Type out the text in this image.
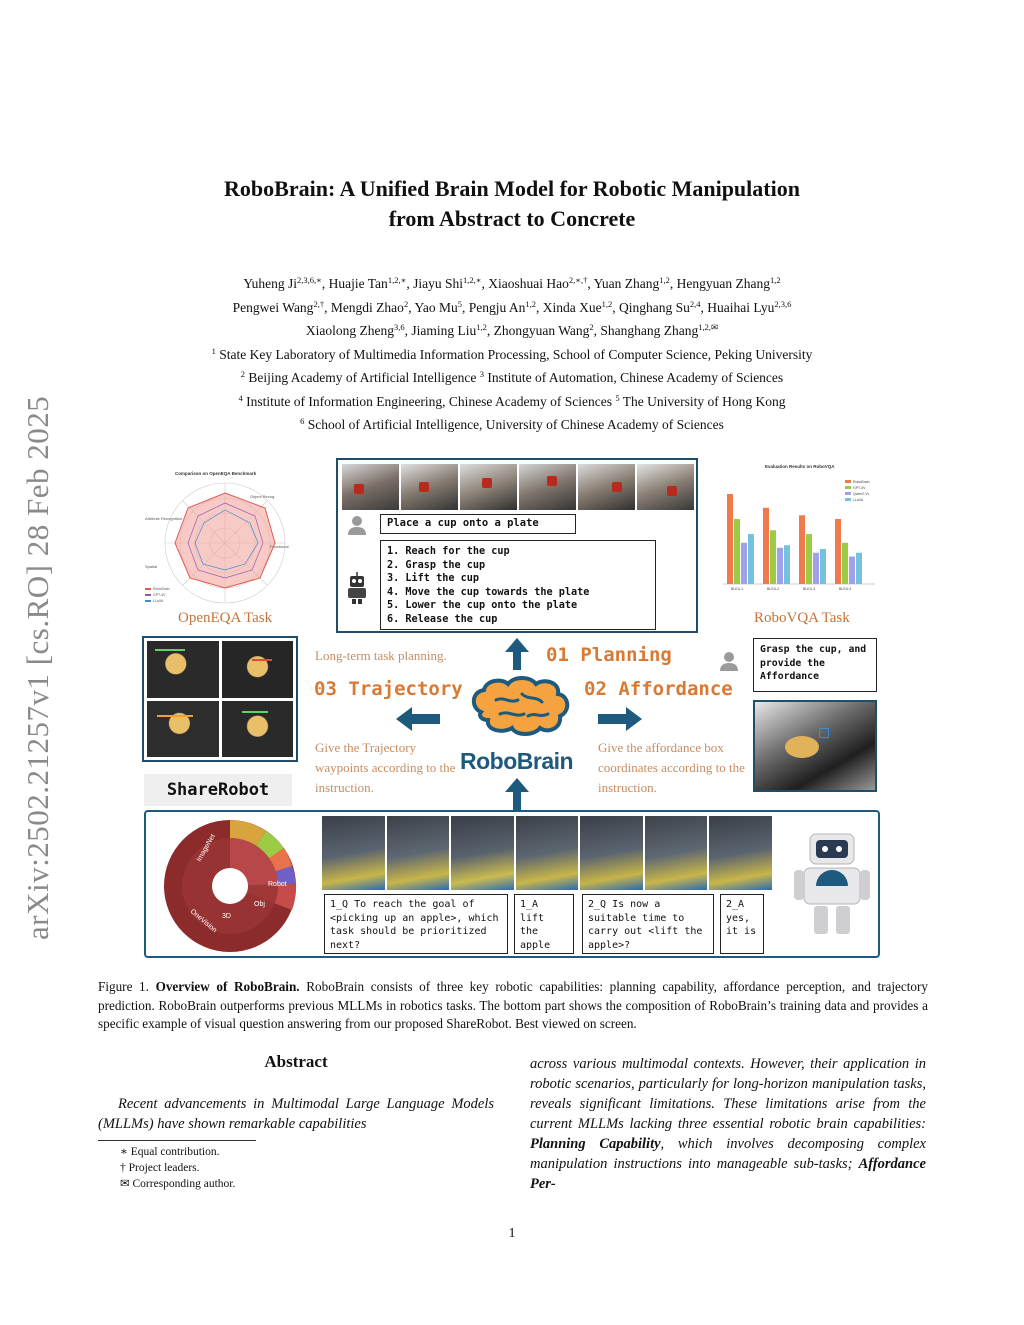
arXiv:2502.21257v1 [cs.RO] 28 Feb 2025
RoboBrain: A Unified Brain Model for Robotic Manipulation
from Abstract to Concrete
Yuheng $Ji^{2,3,6,∗}$, Huajie Tan$^{1,2,∗}$, Jiayu Shi$^{1,2,∗}$, Xiaoshuai Hao$^{2,∗,\dagger}$, Yuan Zhang$^{1,2}$, Hengyuan Zhang$^{1,2}$
Pengwei Wang$^{2,\dagger}$, Mengdi Zhao$^2$, Yao Mu$^5$, Pengju An$^{1,2}$, Xinda Xue$^{1,2}$, Qinghang Su$^{2,4}$, Huaihai Lyu$^{2,3,6}$
Xiaolong Zheng$^{3,6}$, Jiaming Liu$^{1,2}$, Zhongyuan Wang$^2$, Shanghang Zhang$^{1,2,✉}$
$^1$ State Key Laboratory of Multimedia Information Processing, School of Computer Science, Peking University
$^2$ Beijing Academy of Artificial Intelligence $^3$ Institute of Automation, Chinese Academy of Sciences
$^4$ Institute of Information Engineering, Chinese Academy of Sciences $^5$ The University of Hong Kong
$^6$ School of Artificial Intelligence, University of Chinese Academy of Sciences
Comparison on OpenEQA Benchmark
Attribute Recognition
Object Recog.
Functional
Spatial
RoboBrain
GPT-4V
LLaVA
OpenEQA Task
Place a cup onto a plate
1. Reach for the cup
2. Grasp the cup
3. Lift the cup
4. Move the cup towards the plate
5. Lower the cup onto the plate
6. Release the cup
Evaluation Results on RoboVQA
BLEU-1	BLEU-2	BLEU-3	BLEU-4
RoboBrain
GPT-4V
Qwen2-VL
LLaVA
RoboVQA Task
Long-term task planning.	01 Planning	Grasp the cup, and provide the Affordance
03 Trajectory	02 Affordance
RoboBrain
Give the Trajectory waypoints according to the instruction.
Give the affordance box coordinates according to the instruction.
ShareRobot
ImageNet
OneVision 3D
Obj
Robot
1_Q To reach the goal of <picking up an apple>, which task should be prioritized next?
1_A lift the apple
2_Q Is now a suitable time to carry out <lift the apple>?
2_A yes, it is
Figure 1. Overview of RoboBrain. RoboBrain consists of three key robotic capabilities: planning capability, affordance perception, and trajectory prediction. RoboBrain outperforms previous MLLMs in robotics tasks. The bottom part shows the composition of RoboBrain’s training data and provides a specific example of visual question answering from our proposed ShareRobot. Best viewed on screen.
Abstract
Recent advancements in Multimodal Large Language Models (MLLMs) have shown remarkable capabilities
across various multimodal contexts. However, their application in robotic scenarios, particularly for long-horizon manipulation tasks, reveals significant limitations. These limitations arise from the current MLLMs lacking three essential robotic brain capabilities: Planning Capability, which involves decomposing complex manipulation instructions into manageable sub-tasks; Affordance Per-
∗ Equal contribution.
† Project leaders.
✉ Corresponding author.
1
